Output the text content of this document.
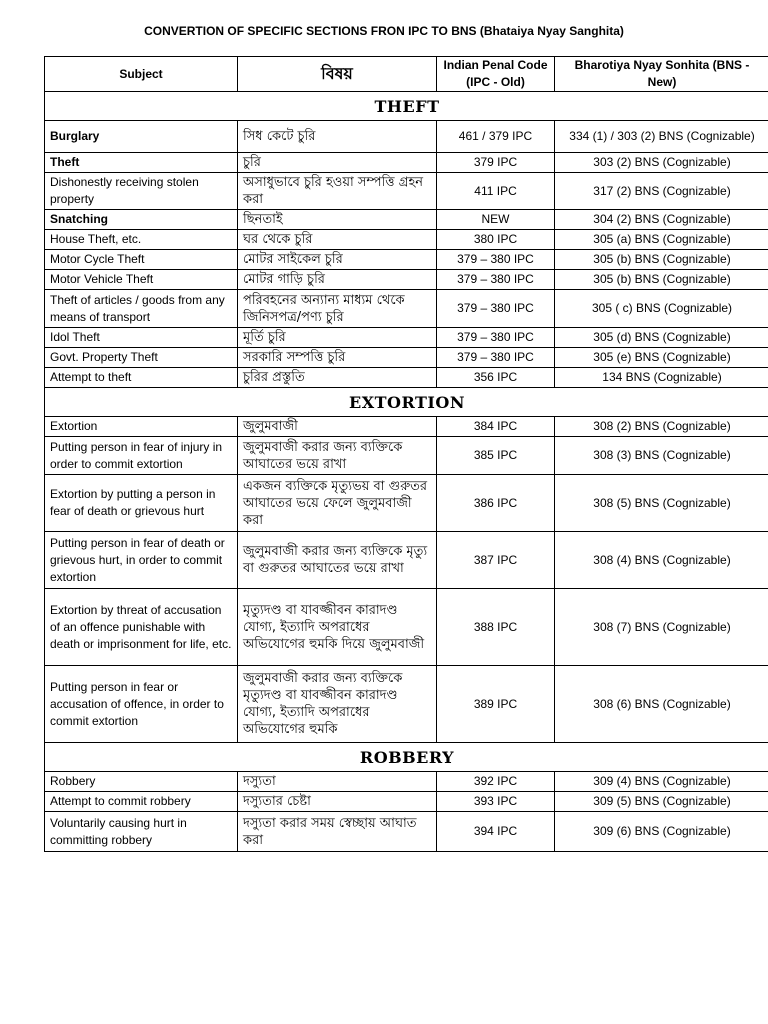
CONVERTION OF SPECIFIC SECTIONS FRON IPC TO BNS (Bhataiya Nyay Sanghita)
Subject	বিষয়	Indian Penal Code (IPC - Old)	Bharotiya Nyay Sonhita (BNS - New)
THEFT			
Burglary	সিধ কেটে চুরি	461 / 379 IPC	334 (1) / 303 (2) BNS (Cognizable)
Theft	চুরি	379 IPC	303 (2) BNS (Cognizable)
Dishonestly receiving stolen property	অসাধুভাবে চুরি হওয়া সম্পত্তি গ্রহন করা	411 IPC	317 (2) BNS (Cognizable)
Snatching	ছিনতাই	NEW	304 (2) BNS (Cognizable)
House Theft, etc.	ঘর থেকে চুরি	380 IPC	305 (a) BNS (Cognizable)
Motor Cycle Theft	মোটর সাইকেল চুরি	379 – 380 IPC	305 (b) BNS (Cognizable)
Motor Vehicle Theft	মোটর গাড়ি চুরি	379 – 380 IPC	305 (b) BNS (Cognizable)
Theft of articles / goods from any means of transport	পরিবহনের অন্যান্য মাধ্যম থেকে জিনিসপত্র/পণ্য চুরি	379 – 380 IPC	305 ( c) BNS (Cognizable)
Idol Theft	মূর্তি চুরি	379 – 380 IPC	305 (d) BNS (Cognizable)
Govt. Property Theft	সরকারি সম্পত্তি চুরি	379 – 380 IPC	305 (e) BNS (Cognizable)
Attempt to theft	চুরির প্রস্তুতি	356 IPC	134 BNS (Cognizable)
EXTORTION			
Extortion	জুলুমবাজী	384 IPC	308 (2) BNS (Cognizable)
Putting person in fear of injury in order to commit extortion	জুলুমবাজী করার জন্য ব্যক্তিকে আঘাতের ভয়ে রাখা	385 IPC	308 (3) BNS (Cognizable)
Extortion by putting a person in fear of death or grievous hurt	একজন ব্যক্তিকে মৃত্যুভয় বা গুরুতর আঘাতের ভয়ে ফেলে জুলুমবাজী করা	386 IPC	308 (5) BNS (Cognizable)
Putting person in fear of death or grievous hurt, in order to commit extortion	জুলুমবাজী করার জন্য ব্যক্তিকে মৃত্যু বা গুরুতর আঘাতের ভয়ে রাখা	387 IPC	308 (4) BNS (Cognizable)
Extortion by threat of accusation of an offence punishable with death or imprisonment for life, etc.	মৃত্যুদণ্ড বা যাবজ্জীবন কারাদণ্ড যোগ্য, ইত্যাদি অপরাধের অভিযোগের হুমকি দিয়ে জুলুমবাজী	388 IPC	308 (7) BNS (Cognizable)
Putting person in fear or accusation of offence, in order to commit extortion	জুলুমবাজী করার জন্য ব্যক্তিকে মৃত্যুদণ্ড বা যাবজ্জীবন কারাদণ্ড যোগ্য, ইত্যাদি অপরাধের অভিযোগের হুমকি	389 IPC	308 (6) BNS (Cognizable)
ROBBERY			
Robbery	দস্যুতা	392 IPC	309 (4) BNS (Cognizable)
Attempt to commit robbery	দস্যুতার চেষ্টা	393 IPC	309 (5) BNS (Cognizable)
Voluntarily causing hurt in committing robbery	দস্যুতা করার সময় স্বেচ্ছায় আঘাত করা	394 IPC	309 (6) BNS (Cognizable)
